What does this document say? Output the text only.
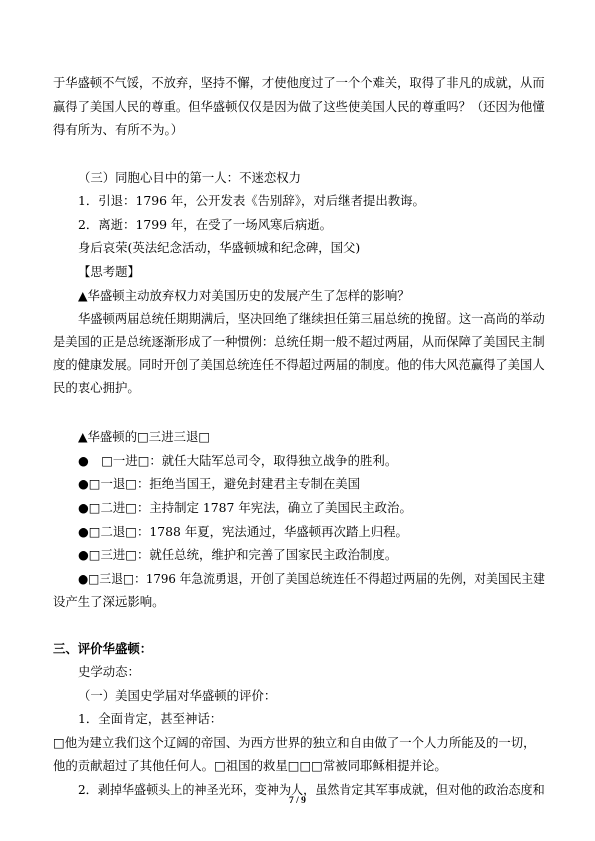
于华盛顿不气馁，不放弃，坚持不懈，才使他度过了一个个难关，取得了非凡的成就，从而
赢得了美国人民的尊重。但华盛顿仅仅是因为做了这些使美国人民的尊重吗？（还因为他懂
得有所为、有所不为。）
（三）同胞心目中的第一人：不迷恋权力
1．引退：1796 年，公开发表《告别辞》，对后继者提出教诲。
2．离逝：1799 年，在受了一场风寒后病逝。
身后哀荣(英法纪念活动，华盛顿城和纪念碑，国父)
【思考题】
▲华盛顿主动放弃权力对美国历史的发展产生了怎样的影响？
华盛顿两届总统任期期满后，坚决回绝了继续担任第三届总统的挽留。这一高尚的举动
是美国的正是总统逐渐形成了一种惯例：总统任期一般不超过两届，从而保障了美国民主制
度的健康发展。同时开创了美国总统连任不得超过两届的制度。他的伟大风范赢得了美国人
民的衷心拥护。
▲华盛顿的□三进三退□
●　□一进□：就任大陆军总司令，取得独立战争的胜利。
●□一退□：拒绝当国王，避免封建君主专制在美国
●□二进□：主持制定 1787 年宪法，确立了美国民主政治。
●□二退□：1788 年夏，宪法通过，华盛顿再次踏上归程。
●□三进□：就任总统，维护和完善了国家民主政治制度。
●□三退□：1796 年急流勇退，开创了美国总统连任不得超过两届的先例，对美国民主建
设产生了深远影响。
三、评价华盛顿：
史学动态：
（一）美国史学届对华盛顿的评价：
1．全面肯定，甚至神话：
□他为建立我们这个辽阔的帝国、为西方世界的独立和自由做了一个人力所能及的一切，
他的贡献超过了其他任何人。□祖国的救星□□□常被同耶稣相提并论。
2．剥掉华盛顿头上的神圣光环，变神为人，虽然肯定其军事成就，但对他的政治态度和
7 / 9
